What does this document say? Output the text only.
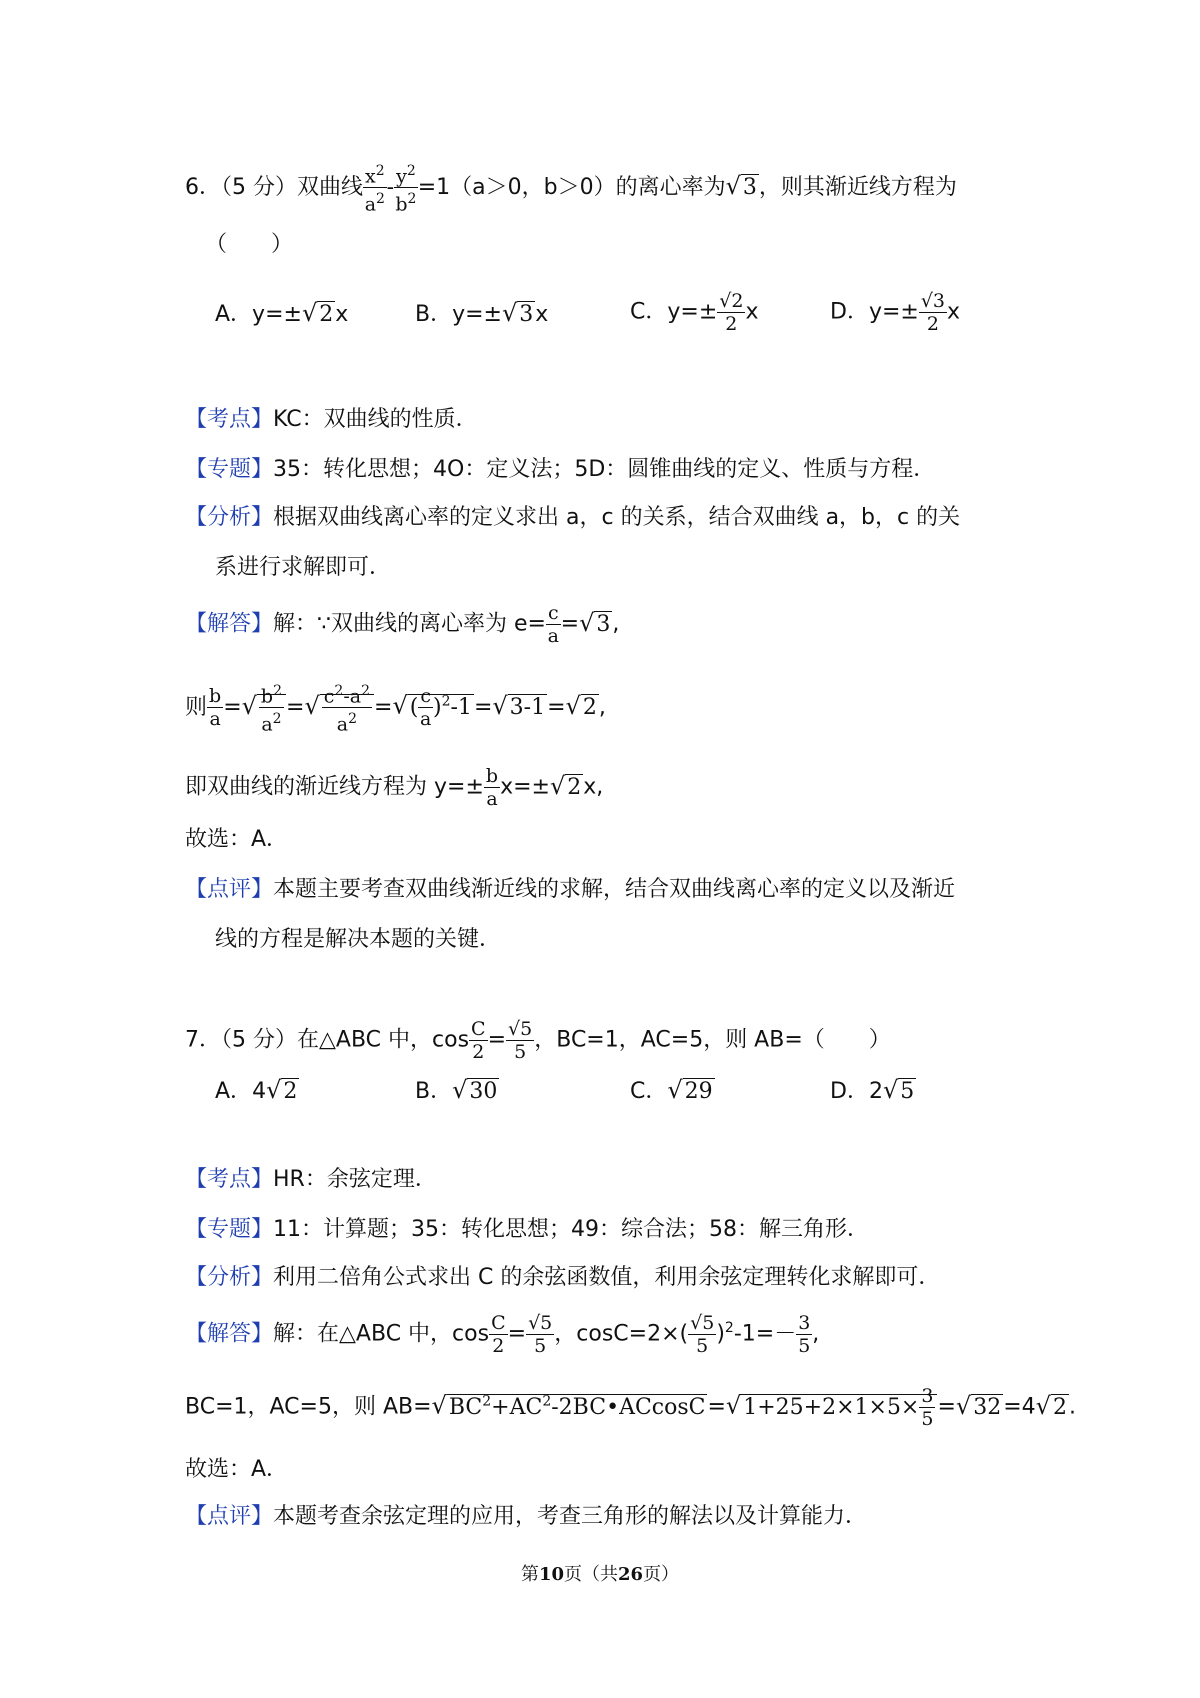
6．（5 分）双曲线 $\frac{x^2}{a^2} - \frac{y^2}{b^2} =1(a>0$，b＞0）的离心率为√3，则其渐近线方程为
（　　）
A．y=±√2x	B．y=±√3x	C．$y=\pm \frac{√2}{2}$ x	D．$y=\pm \frac{√3}{2}$ x
【考点】KC：双曲线的性质．
【专题】35：转化思想；4O：定义法；5D：圆锥曲线的定义、性质与方程．
【分析】根据双曲线离心率的定义求出 a，c 的关系，结合双曲线 a，b，c 的关
系进行求解即可．
【解答】解：∵双曲线的离心率为 $e= \frac{c}{a} =√3$,
则 $\frac{b}{a}$ =√ $\frac{b^2}{a^2}$ =√ $\frac{c^2-a^2}{a^2}$ =√( $\frac{c}{a} )^2-1=√3-1=√2$,
即双曲线的渐近线方程为 $y=\pm \frac{b}{a} x=\pm√2x$,
故选：A．
【点评】本题主要考查双曲线渐近线的求解，结合双曲线离心率的定义以及渐近
线的方程是解决本题的关键．
7．（5 分）在△ABC 中，$\cos \frac{C}{2} = \frac{√5}{5}$ ，BC=1，AC=5，则 AB=（　　）
A．4√2	B．√30	C．√29	D．2√5
【考点】HR：余弦定理．
【专题】11：计算题；35：转化思想；49：综合法；58：解三角形．
【分析】利用二倍角公式求出 C 的余弦函数值，利用余弦定理转化求解即可．
【解答】解：在△ABC 中，$\cos \frac{C}{2} = \frac{√5}{5}$ ，$\cos C=2\times( \frac{√5}{5} )^2-1=- \frac{3}{5}$ ,
BC=1，AC=5，则 $AB=√BC^2+AC^2-2BC•ACcosC=√1+25+2\times 1\times 5\times \frac{3}{5} =√32=4√2$.
故选：A．
【点评】本题考查余弦定理的应用，考查三角形的解法以及计算能力．
第10页（共26页）
